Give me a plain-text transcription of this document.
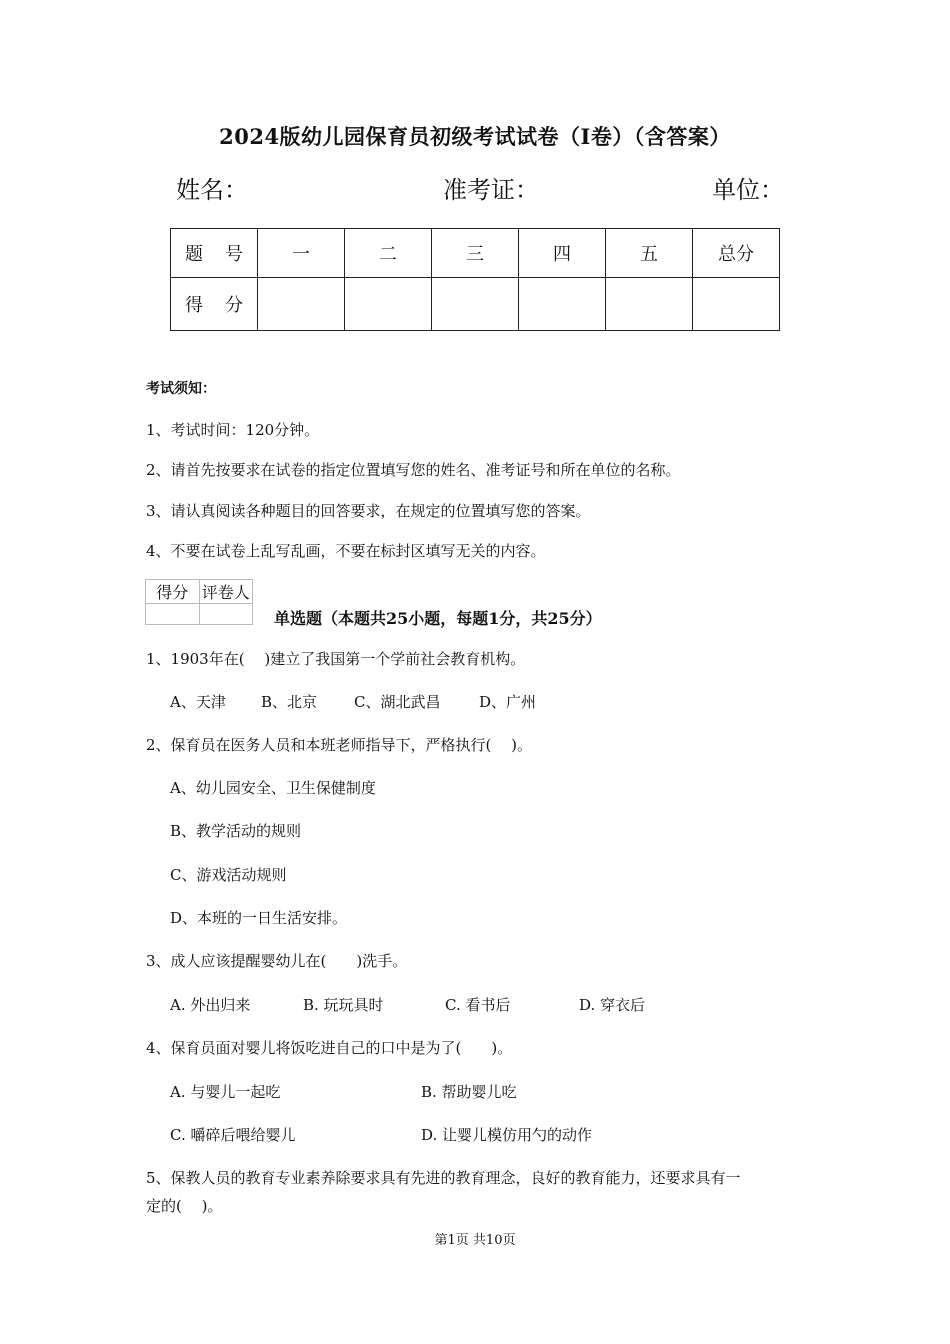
2024版幼儿园保育员初级考试试卷（I卷）（含答案）
姓名：	准考证：	单位：
题 号	一	二	三	四	五	总分
得 分						
考试须知：
1、考试时间：120分钟。
2、请首先按要求在试卷的指定位置填写您的姓名、准考证号和所在单位的名称。
3、请认真阅读各种题目的回答要求，在规定的位置填写您的答案。
4、不要在试卷上乱写乱画，不要在标封区填写无关的内容。
得分	评卷人

单选题（本题共25小题，每题1分，共25分）
1、1903年在(　 )建立了我国第一个学前社会教育机构。
A、天津 B、北京 C、湖北武昌	D、广州
2、保育员在医务人员和本班老师指导下，严格执行(　 )。
A、幼儿园安全、卫生保健制度
B、教学活动的规则
C、游戏活动规则
D、本班的一日生活安排。
3、成人应该提醒婴幼儿在(　　)洗手。
A. 外出归来	B. 玩玩具时	C. 看书后	D. 穿衣后
4、保育员面对婴儿将饭吃进自己的口中是为了(　　)。
A. 与婴儿一起吃	B. 帮助婴儿吃
C. 嚼碎后喂给婴儿	D. 让婴儿模仿用勺的动作
5、保教人员的教育专业素养除要求具有先进的教育理念，良好的教育能力，还要求具有一
定的(　 )。
第1页 共10页
